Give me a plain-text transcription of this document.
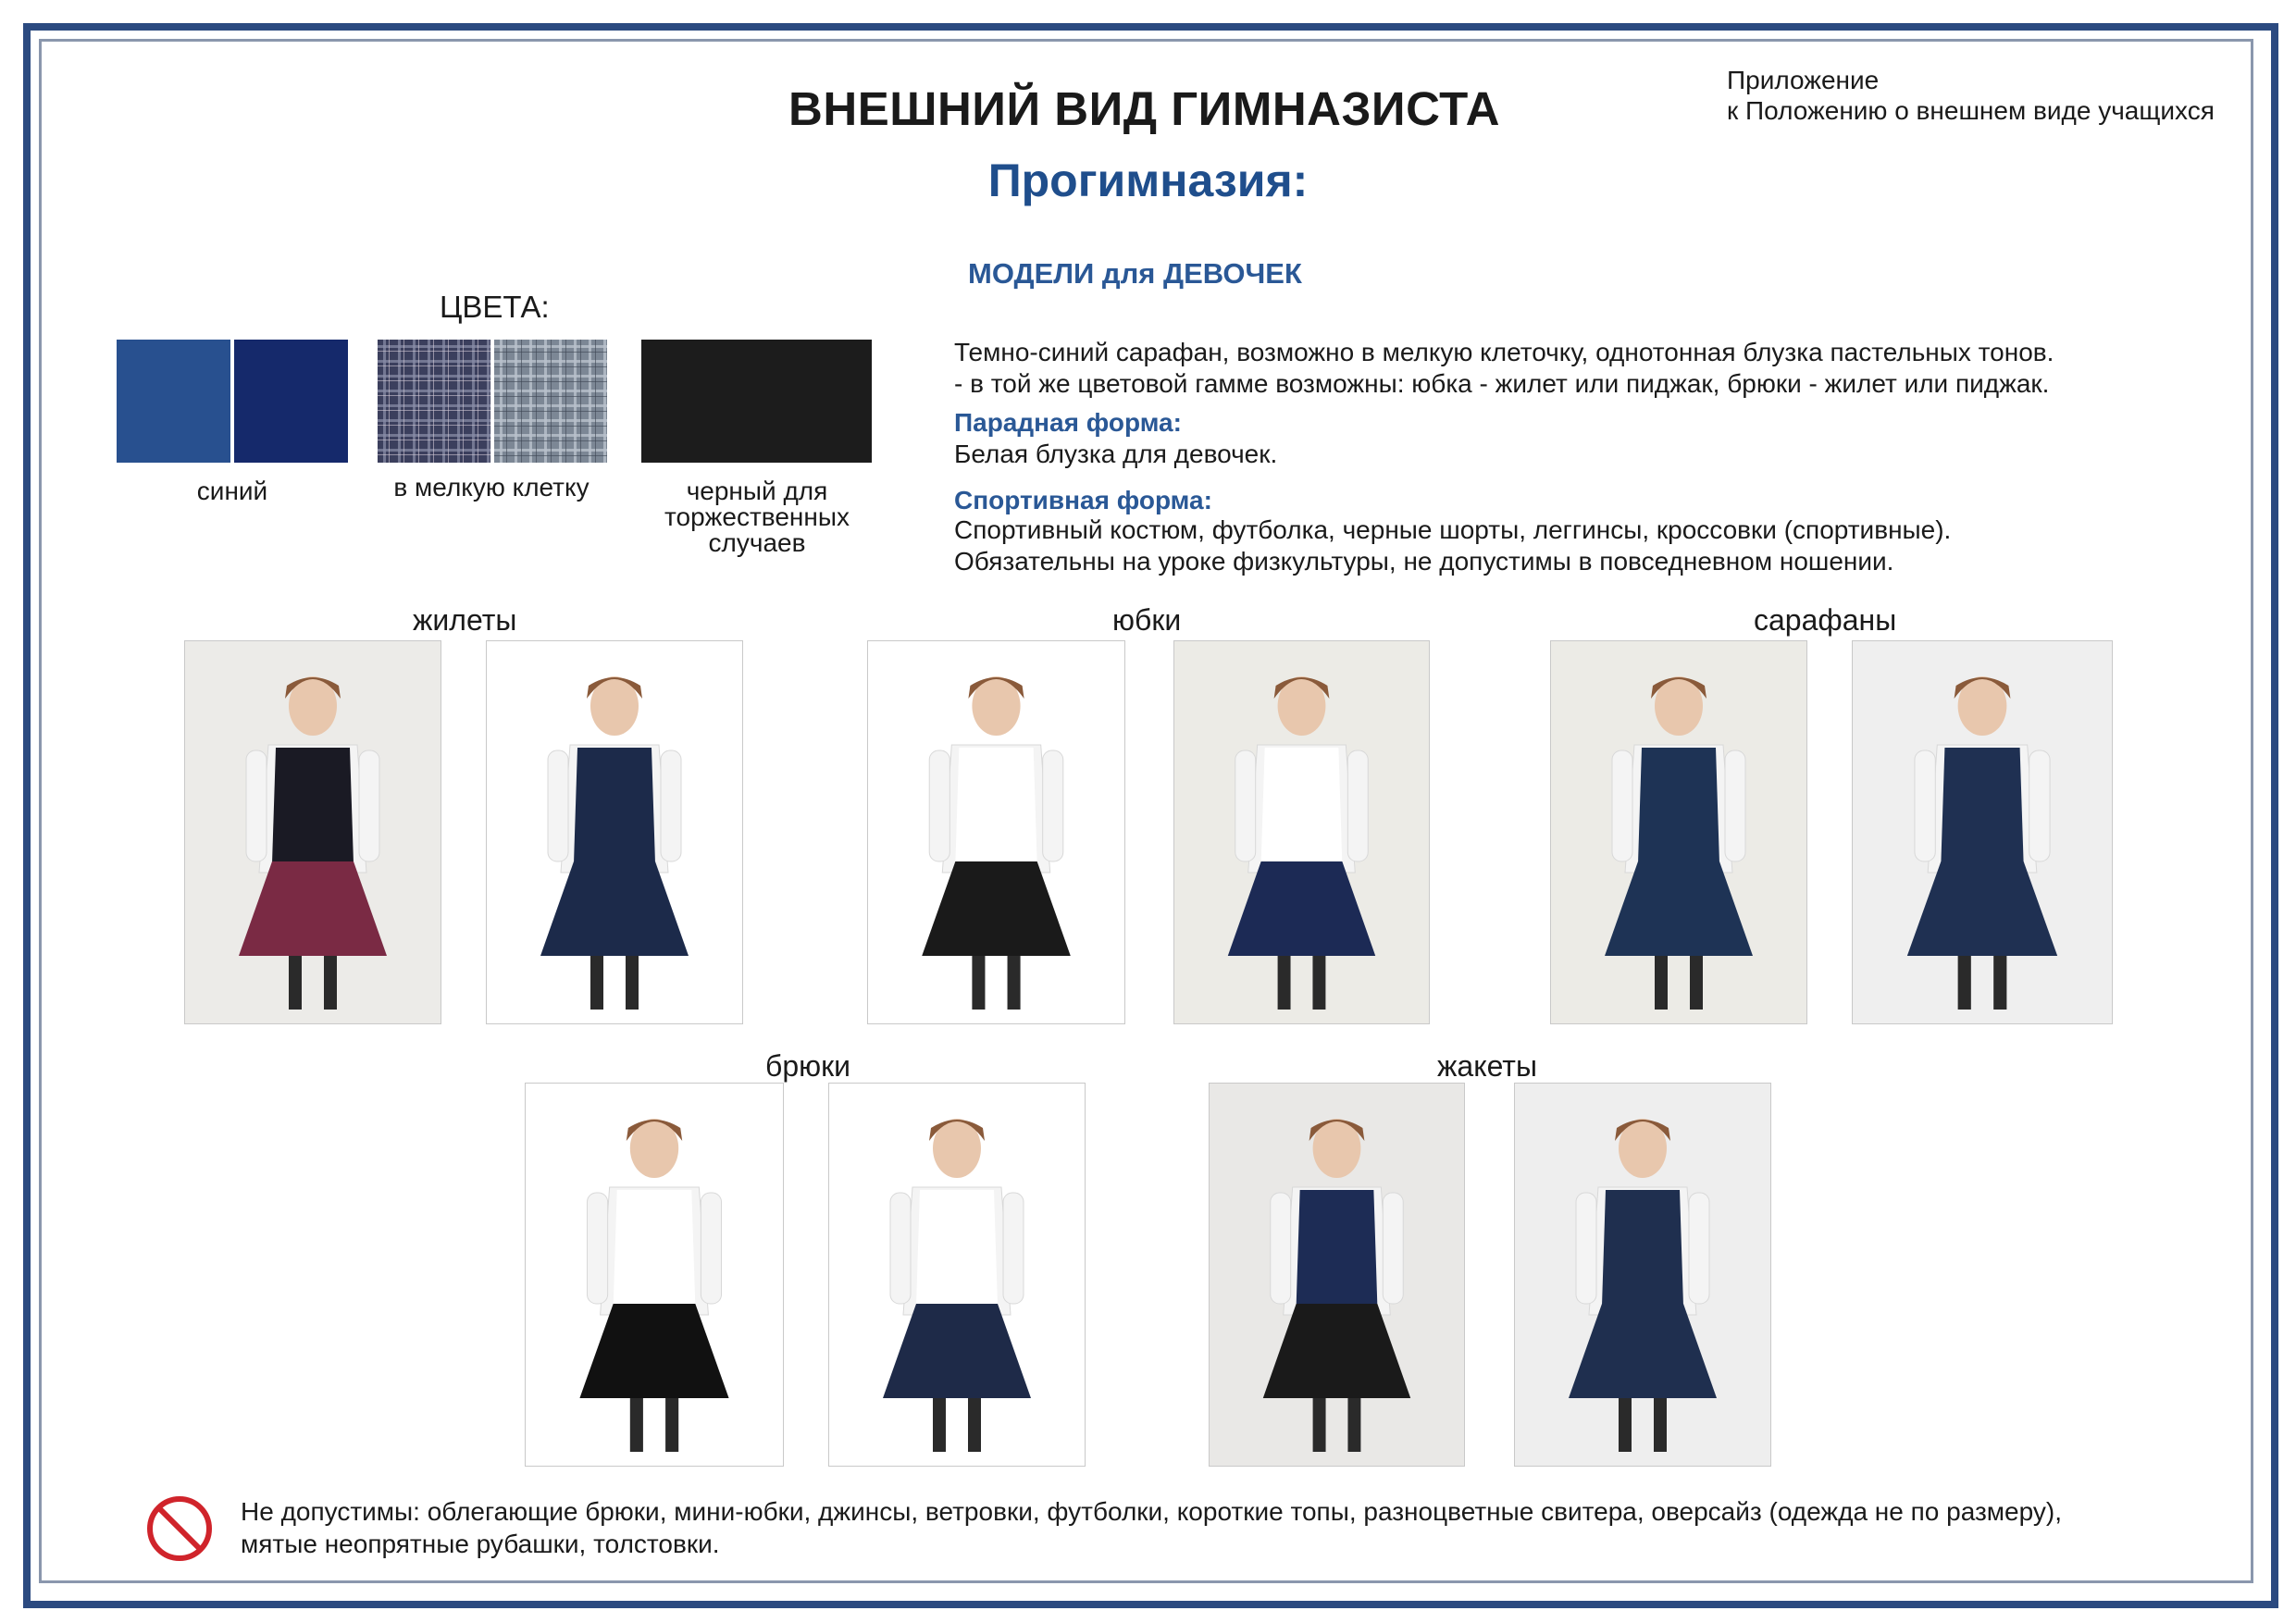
ВНЕШНИЙ ВИД ГИМНАЗИСТА
Прогимназия:
Приложение
к Положению о внешнем виде учащихся
МОДЕЛИ для ДЕВОЧЕК
ЦВЕТА:
синий	в мелкую клетку	черный для
торжественных
случаев
Темно-синий сарафан, возможно в мелкую клеточку, однотонная блузка пастельных тонов.
- в той же цветовой гамме возможны: юбка - жилет или пиджак, брюки - жилет или пиджак.
Парадная форма:
Белая блузка для девочек.
Спортивная форма:
Спортивный костюм, футболка, черные шорты, леггинсы, кроссовки (спортивные).
Обязательны на уроке физкультуры, не допустимы в повседневном ношении.
жилеты	юбки	сарафаны
брюки	жакеты
Не допустимы: облегающие брюки, мини-юбки, джинсы, ветровки, футболки, короткие топы, разноцветные свитера, оверсайз (одежда не по размеру),
мятые неопрятные рубашки, толстовки.
